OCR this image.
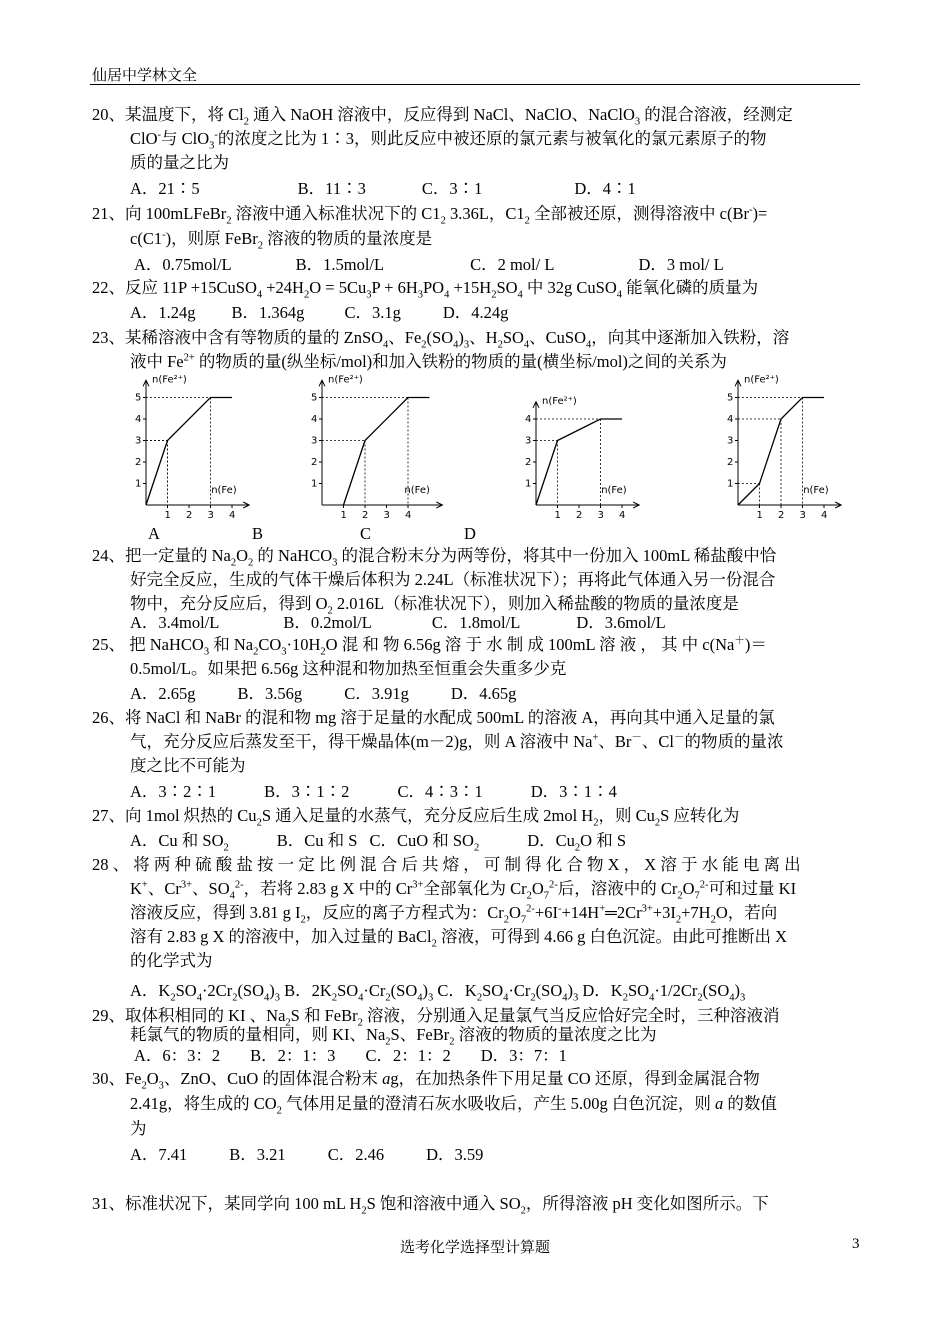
仙居中学林文全
20、某温度下，将 $Cl_2$ 通入 NaOH 溶液中，反应得到 NaCl、NaClO、NaClO$_3$ 的混合溶液，经测定
ClO-与 ClO$_3$-的浓度之比为 1∶3，则此反应中被还原的氯元素与被氧化的氯元素原子的物
质的量之比为
A．21∶5	B．11∶3	C．3∶1	D．4∶1
21、向 100mLFeBr$_2$ 溶液中通入标准状况下的 $C1_2$ 3.36L，$C1_2$ 全部被还原，测得溶液中 c(Br-)=
c(C1-)，则原 FeBr$_2$ 溶液的物质的量浓度是
A．0.75mol/L	B．1.5mol/L	C．2 mol/ L	D．3 mol/ L
22、反应 11P +15CuSO$_4$ $+24H_2O = 5Cu_3P + 6H_3PO_4 +15H_2SO_4$ 中 32g CuSO$_4$ 能氧化磷的质量为
A．1.24g B．1.364g C．3.1g	D．4.24g
23、某稀溶液中含有等物质的量的 ZnSO$_4$、$Fe_2(SO_4)_3$、$H_2SO_4$、CuSO$_4$，向其中逐渐加入铁粉，溶
液中 $Fe^{2+}$ 的物质的量(纵坐标/mol)和加入铁粉的物质的量(横坐标/mol)之间的关系为
n(Fe²⁺)
n(Fe)
1
2
3
4
5
1 2 3 4
n(Fe²⁺)
n(Fe)
1
2
3
4
5
1 2 3 4
n(Fe²⁺)
n(Fe)
1
2
3
4
1 2 3 4
n(Fe²⁺)
n(Fe)
1
2
3
4
5
1 2 3 4
A	B	C	D
24、把一定量的 $Na_2O_2$ 的 NaHCO$_3$ 的混合粉末分为两等份，将其中一份加入 100mL 稀盐酸中恰
好完全反应，生成的气体干燥后体积为 2.24L（标准状况下）；再将此气体通入另一份混合
物中，充分反应后，得到 $O_2$ 2.016L（标准状况下），则加入稀盐酸的物质的量浓度是
A．3.4mol/L	B．0.2mol/L	C．1.8mol/L	D．3.6mol/L
25、 把 NaHCO$_3$ 和 $Na_2CO_3\cdot 10H_2O$ 混 和 物 6.56g 溶 于 水 制 成 100mL 溶 液 ， 其 中 c(Na＋)＝
0.5mol/L。如果把 6.56g 这种混和物加热至恒重会失重多少克
A．2.65g	B．3.56g	C．3.91g	D．4.65g
26、将 NaCl 和 NaBr 的混和物 mg 溶于足量的水配成 500mL 的溶液 A，再向其中通入足量的氯
气，充分反应后蒸发至干，得干燥晶体(m－2)g，则 A 溶液中 Na+、Br－、Cl－的物质的量浓
度之比不可能为
A．3∶2∶1	B．3∶1∶2	C．4∶3∶1	D．3∶1∶4
27、向 1mol 炽热的 $Cu_2S$ 通入足量的水蒸气，充分反应后生成 2mol $H_2$，则 $Cu_2S$ 应转化为
A．Cu 和 $SO_2$	B．Cu 和 S C．CuO 和 $SO_2$	D．$Cu_2O$ 和 S
28 、 将 两 种 硫 酸 盐 按 一 定 比 例 混 合 后 共 熔 ， 可 制 得 化 合 物 X ， X 溶 于 水 能 电 离 出
K+、$Cr^{3+}$、$SO_4^{2-}$，若将 2.83 g X 中的 $Cr^{3+}$全部氧化为 $Cr_2O_7^{2-}$后，溶液中的 $Cr_2O_7^{2-}$可和过量 KI
溶液反应，得到 3.81 g $I_2$，反应的离子方程式为：$Cr_2O_7^{2-}+6I^-+14H^+═2Cr^{3+}+3I_2+7H_2O$，若向
溶有 2.83 g X 的溶液中，加入过量的 BaCl$_2$ 溶液，可得到 4.66 g 白色沉淀。由此可推断出 X
的化学式为
A．$K_2SO_4\cdot 2Cr_2(SO_4)_3$ B．$2K_2SO_4\cdot Cr_2(SO_4)_3$ C．$K_2SO_4\cdot Cr_2(SO_4)_3$ D．$K_2SO_4\cdot 1/2Cr_2(SO_4)_3$
29、取体积相同的 KI 、$Na_2S$ 和 FeBr$_2$ 溶液，分别通入足量氯气当反应恰好完全时，三种溶液消
耗氯气的物质的量相同，则 KI、$Na_2S$、FeBr$_2$ 溶液的物质的量浓度之比为
A．6：3：2 B．2：1：3 C．2：1：2 D．3：7：1
30、$Fe_2O_3$、ZnO、CuO 的固体混合粉末 ag，在加热条件下用足量 CO 还原，得到金属混合物
2.41g，将生成的 $CO_2$ 气体用足量的澄清石灰水吸收后，产生 5.00g 白色沉淀，则 a 的数值
为
A．7.41	B．3.21	C．2.46	D．3.59
31、标准状况下，某同学向 100 mL $H_2S$ 饱和溶液中通入 $SO_2$，所得溶液 pH 变化如图所示。下
选考化学选择型计算题	3
